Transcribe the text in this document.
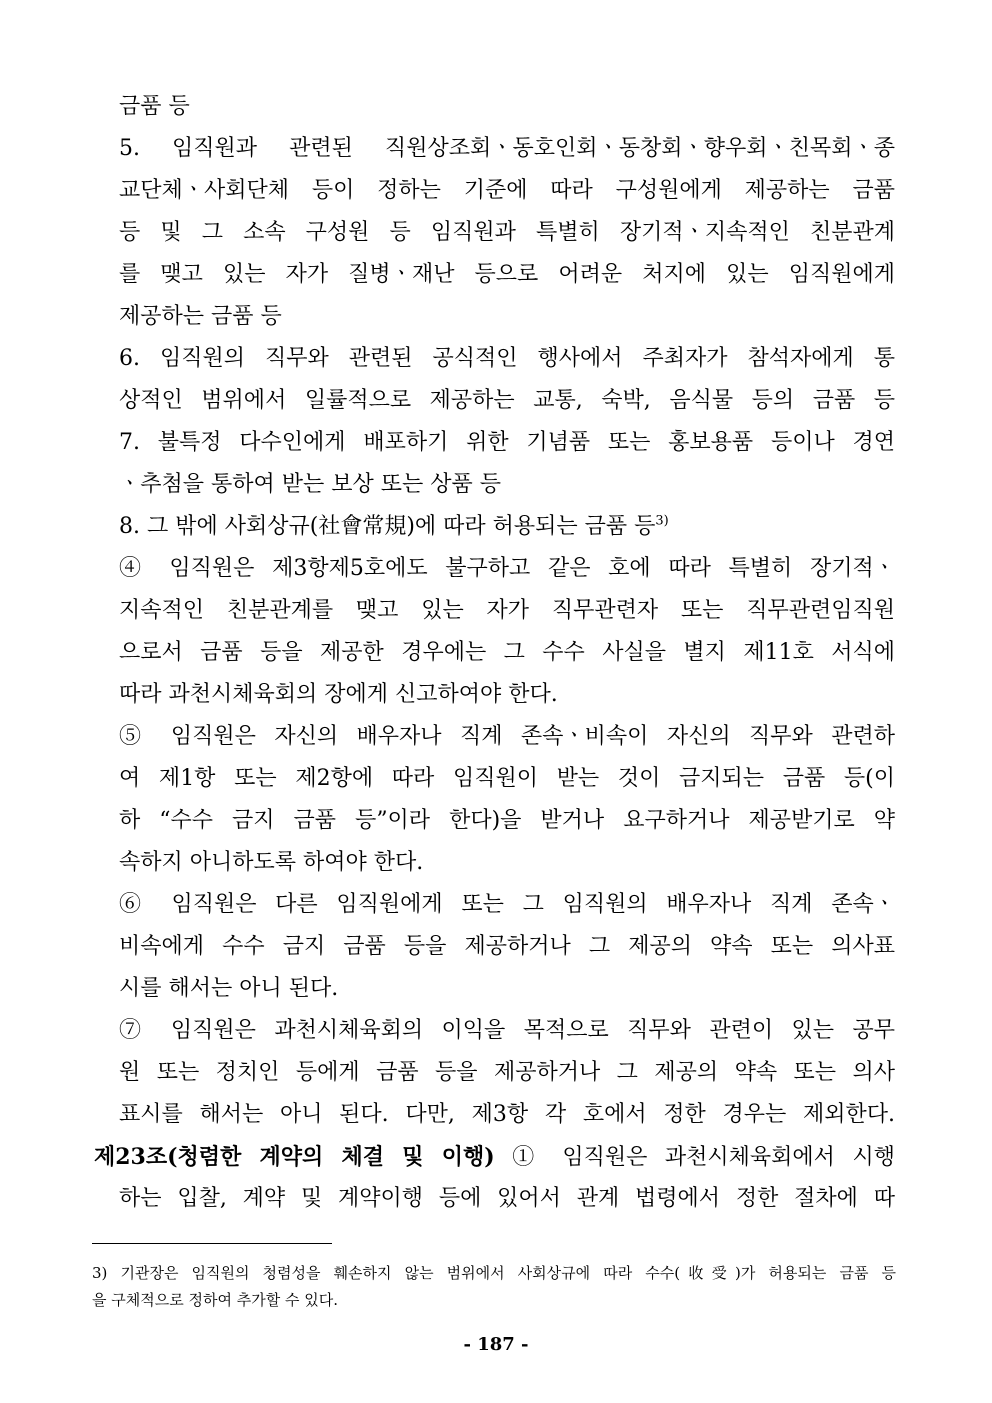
금품 등
5. 임직원과 관련된 직원상조회ㆍ동호인회ㆍ동창회ㆍ향우회ㆍ친목회ㆍ종
교단체ㆍ사회단체 등이 정하는 기준에 따라 구성원에게 제공하는 금품
등 및 그 소속 구성원 등 임직원과 특별히 장기적ㆍ지속적인 친분관계
를 맺고 있는 자가 질병ㆍ재난 등으로 어려운 처지에 있는 임직원에게
제공하는 금품 등
6. 임직원의 직무와 관련된 공식적인 행사에서 주최자가 참석자에게 통
상적인 범위에서 일률적으로 제공하는 교통, 숙박, 음식물 등의 금품 등
7. 불특정 다수인에게 배포하기 위한 기념품 또는 홍보용품 등이나 경연
ㆍ추첨을 통하여 받는 보상 또는 상품 등
8. 그 밖에 사회상규(社會常規)에 따라 허용되는 금품 등$^{3)}$
④ 임직원은 제3항제5호에도 불구하고 같은 호에 따라 특별히 장기적ㆍ
지속적인 친분관계를 맺고 있는 자가 직무관련자 또는 직무관련임직원
으로서 금품 등을 제공한 경우에는 그 수수 사실을 별지 제11호 서식에
따라 과천시체육회의 장에게 신고하여야 한다.
⑤ 임직원은 자신의 배우자나 직계 존속ㆍ비속이 자신의 직무와 관련하
여 제1항 또는 제2항에 따라 임직원이 받는 것이 금지되는 금품 등(이
하 “수수 금지 금품 등”이라 한다)을 받거나 요구하거나 제공받기로 약
속하지 아니하도록 하여야 한다.
⑥ 임직원은 다른 임직원에게 또는 그 임직원의 배우자나 직계 존속ㆍ
비속에게 수수 금지 금품 등을 제공하거나 그 제공의 약속 또는 의사표
시를 해서는 아니 된다.
⑦ 임직원은 과천시체육회의 이익을 목적으로 직무와 관련이 있는 공무
원 또는 정치인 등에게 금품 등을 제공하거나 그 제공의 약속 또는 의사
표시를 해서는 아니 된다. 다만, 제3항 각 호에서 정한 경우는 제외한다.
제23조(청렴한 계약의 체결 및 이행) ① 임직원은 과천시체육회에서 시행
하는 입찰, 계약 및 계약이행 등에 있어서 관계 법령에서 정한 절차에 따
3) 기관장은 임직원의 청렴성을 훼손하지 않는 범위에서 사회상규에 따라 수수(收受)가 허용되는 금품 등
을 구체적으로 정하여 추가할 수 있다.
- 187 -
